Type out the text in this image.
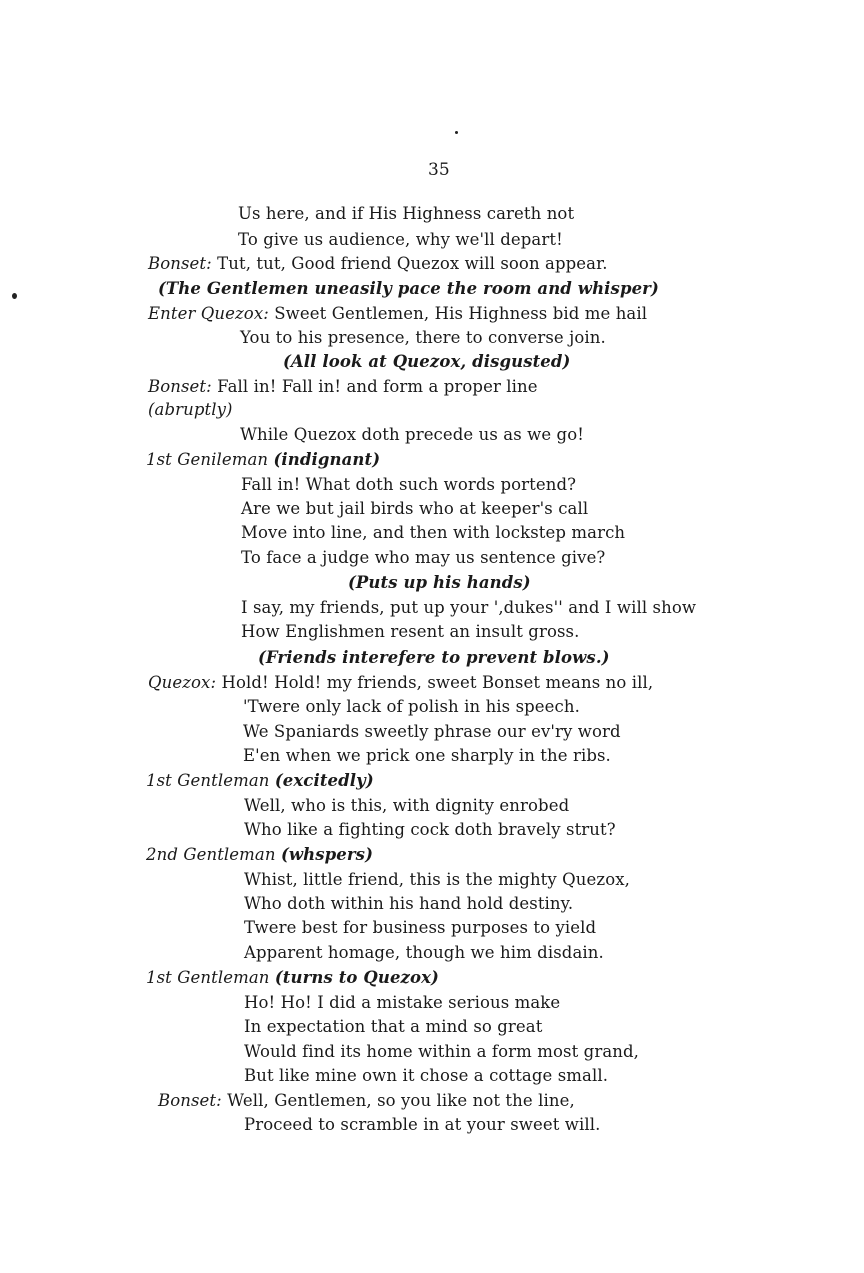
35
Us here, and if His Highness careth not
To give us audience, why we'll depart!
Bonset: Tut, tut, Good friend Quezox will soon appear.
(The Gentlemen uneasily pace the room and whisper)
Enter Quezox: Sweet Gentlemen, His Highness bid me hail
You to his presence, there to converse join.
(All look at Quezox, disgusted)
Bonset: Fall in! Fall in! and form a proper line
(abruptly)
While Quezox doth precede us as we go!
1st Genileman (indignant)
Fall in! What doth such words portend?
Are we but jail birds who at keeper's call
Move into line, and then with lockstep march
To face a judge who may us sentence give?
(Puts up his hands)
I say, my friends, put up your ',dukes'' and I will show
How Englishmen resent an insult gross.
(Friends interefere to prevent blows.)
Quezox: Hold! Hold! my friends, sweet Bonset means no ill,
'Twere only lack of polish in his speech.
We Spaniards sweetly phrase our ev'ry word
E'en when we prick one sharply in the ribs.
1st Gentleman (excitedly)
Well, who is this, with dignity enrobed
Who like a fighting cock doth bravely strut?
2nd Gentleman (whspers)
Whist, little friend, this is the mighty Quezox,
Who doth within his hand hold destiny.
Twere best for business purposes to yield
Apparent homage, though we him disdain.
1st Gentleman (turns to Quezox)
Ho! Ho! I did a mistake serious make
In expectation that a mind so great
Would find its home within a form most grand,
But like mine own it chose a cottage small.
Bonset: Well, Gentlemen, so you like not the line,
Proceed to scramble in at your sweet will.
